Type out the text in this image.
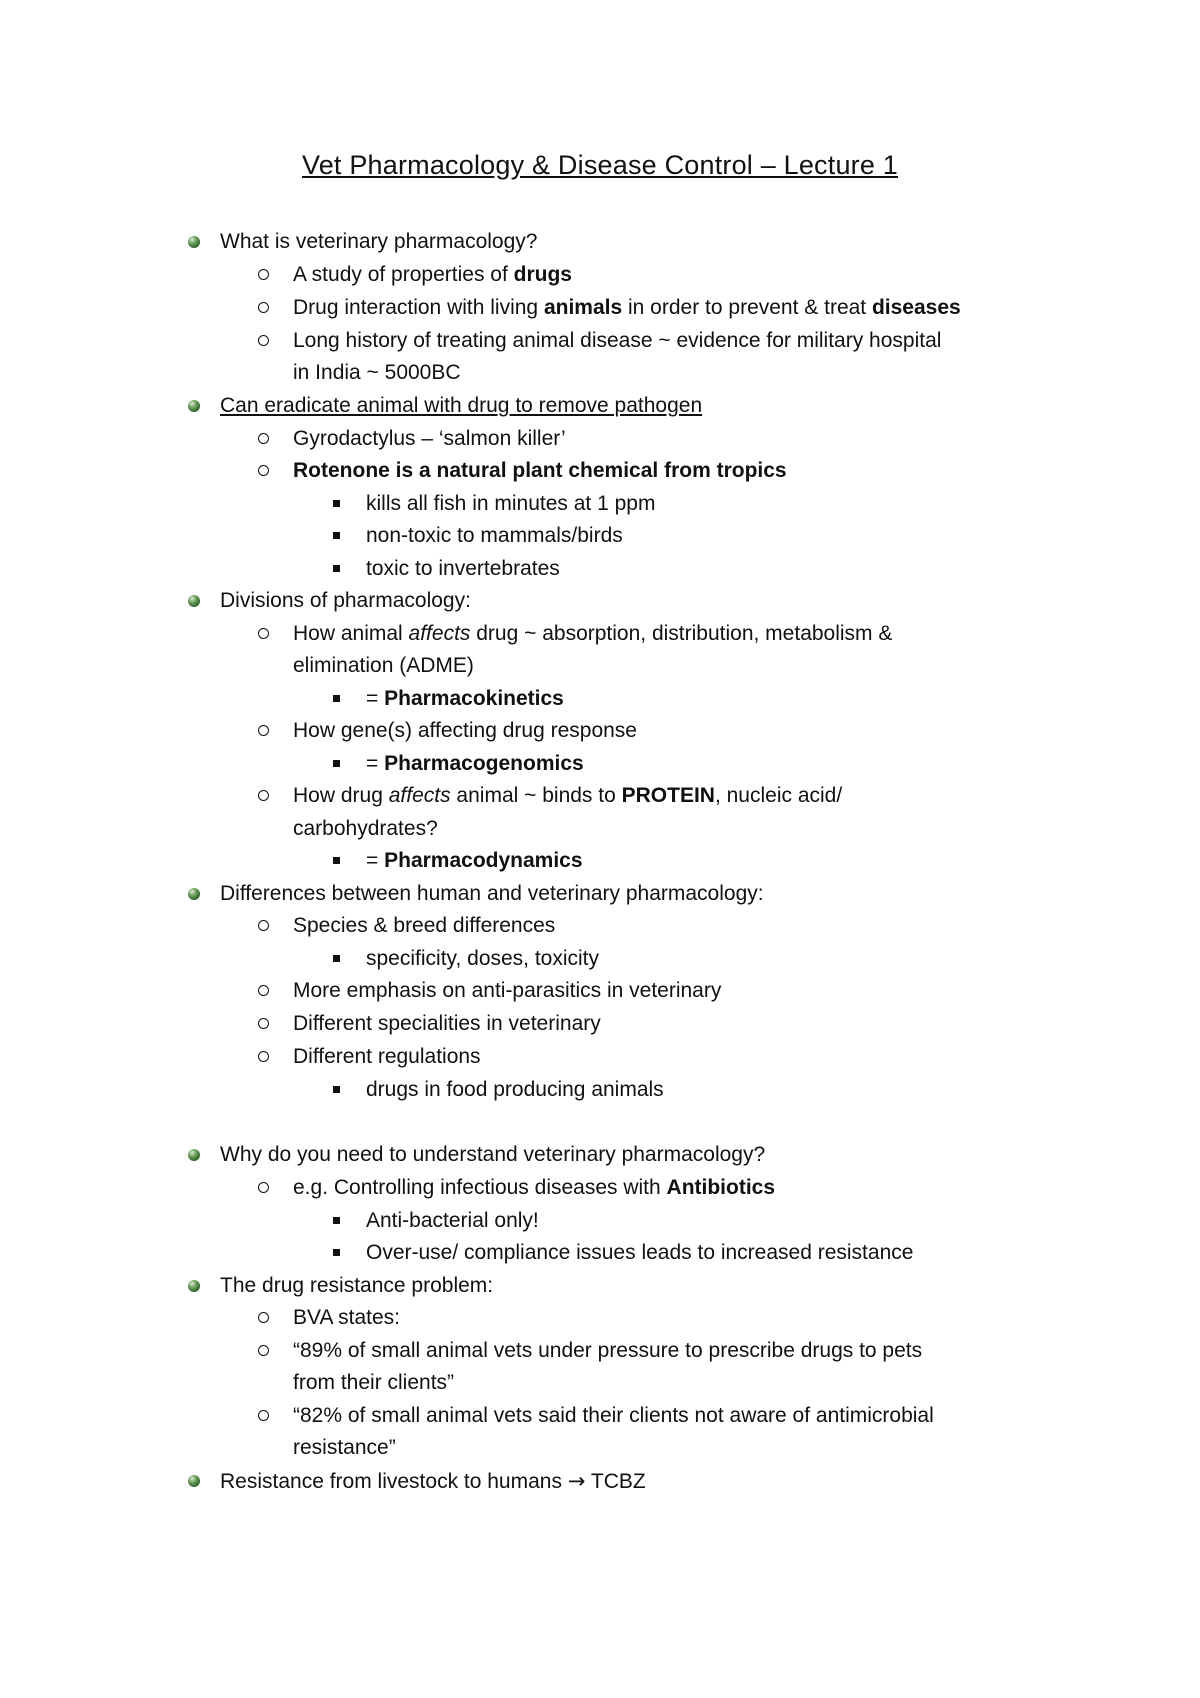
Vet Pharmacology & Disease Control – Lecture 1
What is veterinary pharmacology?
A study of properties of drugs
Drug interaction with living animals in order to prevent & treat diseases
Long history of treating animal disease ~ evidence for military hospital
in India ~ 5000BC
Can eradicate animal with drug to remove pathogen
Gyrodactylus – ‘salmon killer’
Rotenone is a natural plant chemical from tropics
kills all fish in minutes at 1 ppm
non-toxic to mammals/birds
toxic to invertebrates
Divisions of pharmacology:
How animal affects drug ~ absorption, distribution, metabolism &
elimination (ADME)
= Pharmacokinetics
How gene(s) affecting drug response
= Pharmacogenomics
How drug affects animal ~ binds to PROTEIN, nucleic acid/
carbohydrates?
= Pharmacodynamics
Differences between human and veterinary pharmacology:
Species & breed differences
specificity, doses, toxicity
More emphasis on anti-parasitics in veterinary
Different specialities in veterinary
Different regulations
drugs in food producing animals
Why do you need to understand veterinary pharmacology?
e.g. Controlling infectious diseases with Antibiotics
Anti-bacterial only!
Over-use/ compliance issues leads to increased resistance
The drug resistance problem:
BVA states:
“89% of small animal vets under pressure to prescribe drugs to pets
from their clients”
“82% of small animal vets said their clients not aware of antimicrobial
resistance”
Resistance from livestock to humans → TCBZ
